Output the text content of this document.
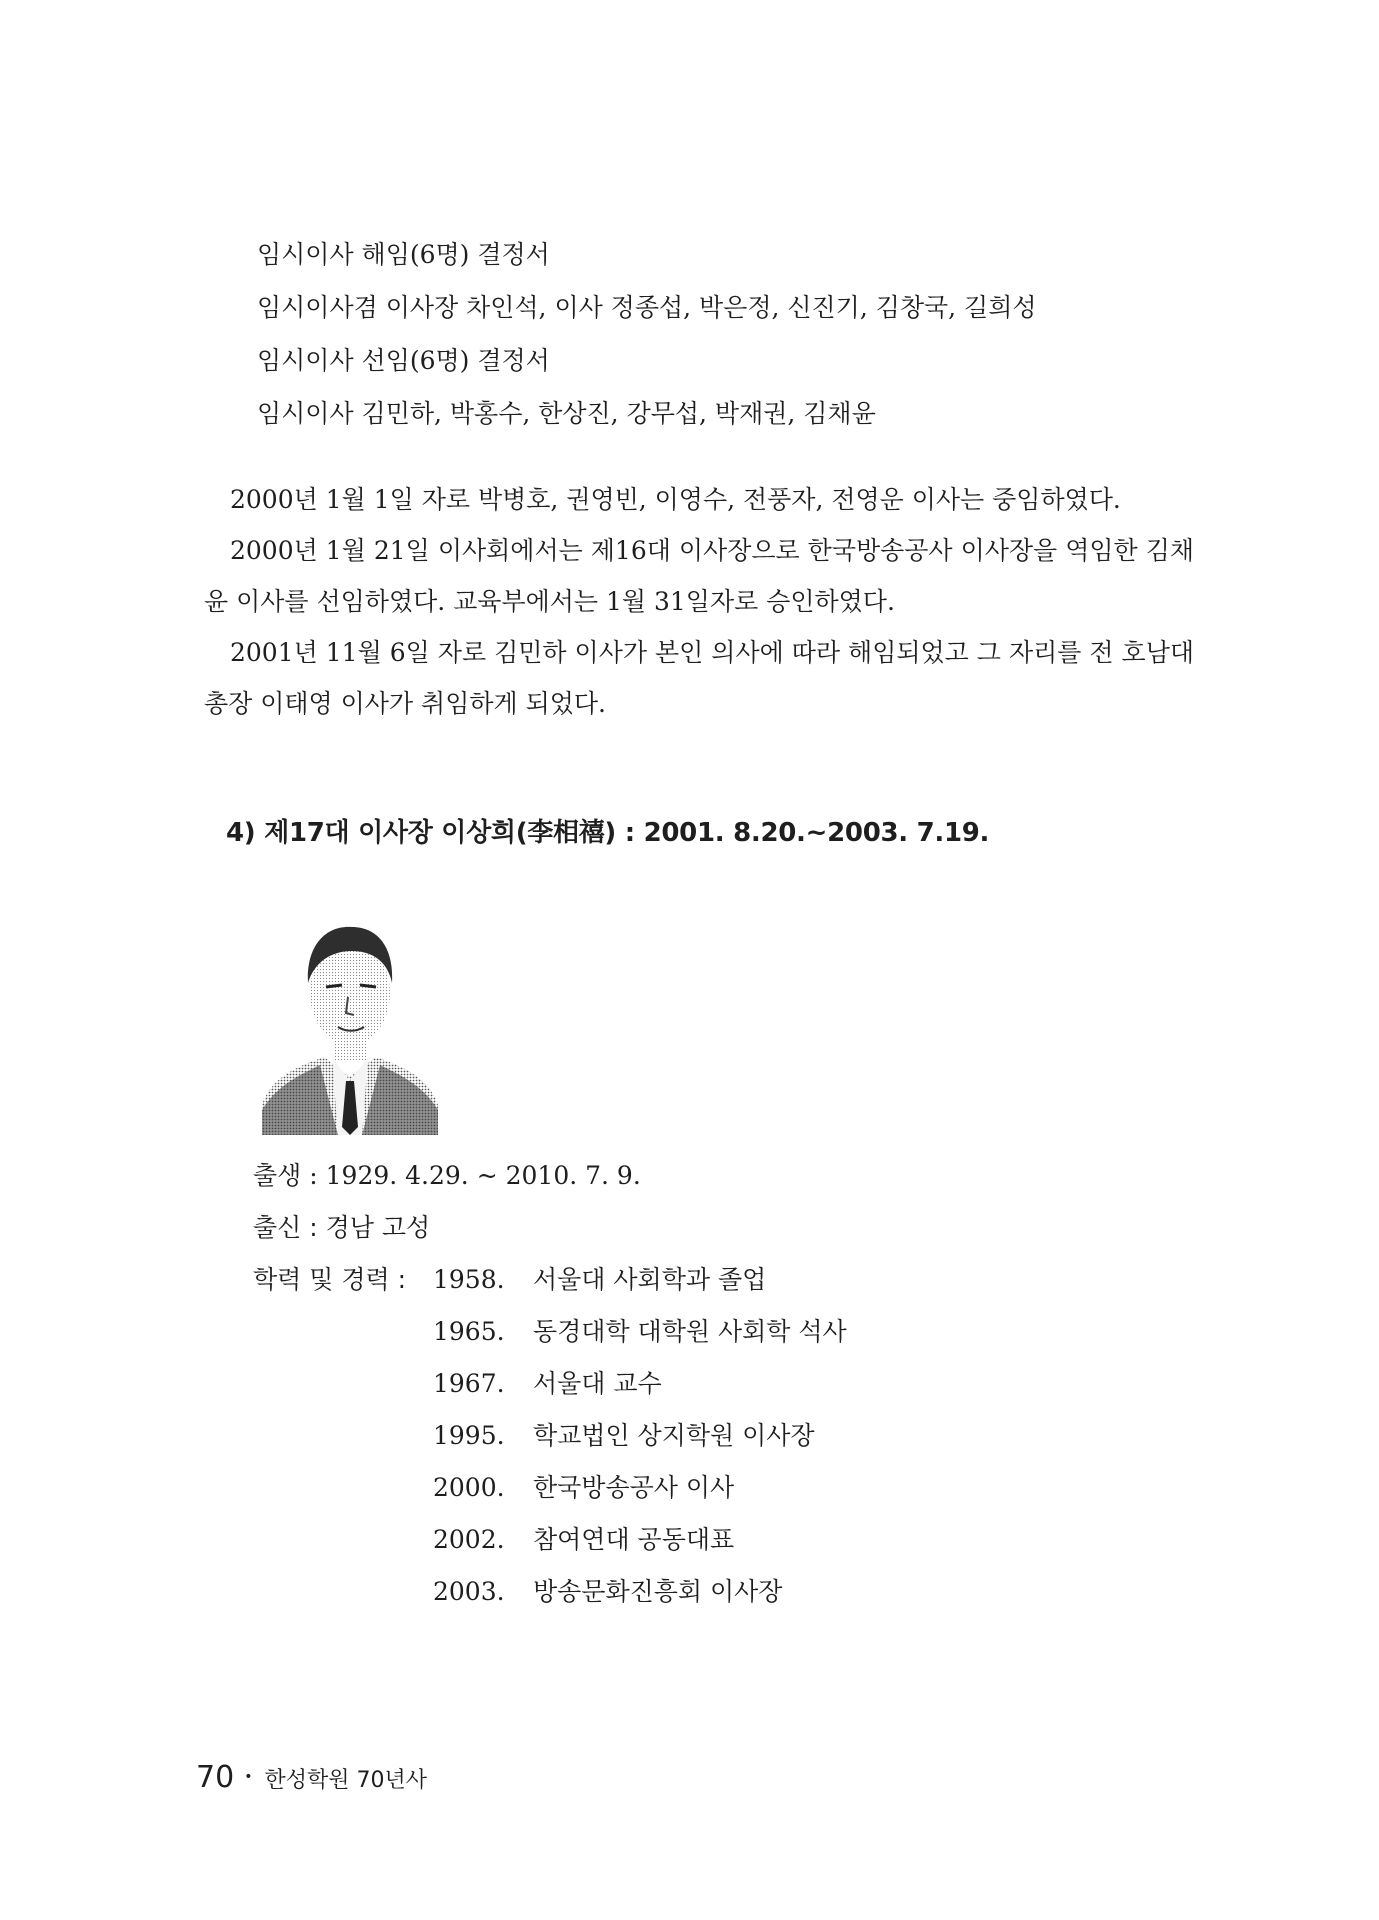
임시이사 해임(6명) 결정서
임시이사겸 이사장 차인석, 이사 정종섭, 박은정, 신진기, 김창국, 길희성
임시이사 선임(6명) 결정서
임시이사 김민하, 박홍수, 한상진, 강무섭, 박재권, 김채윤

2000년 1월 1일 자로 박병호, 권영빈, 이영수, 전풍자, 전영운 이사는 중임하였다.

2000년 1월 21일 이사회에서는 제16대 이사장으로 한국방송공사 이사장을 역임한 김채윤 이사를 선임하였다. 교육부에서는 1월 31일자로 승인하였다.

2001년 11월 6일 자로 김민하 이사가 본인 의사에 따라 해임되었고 그 자리를 전 호남대 총장 이태영 이사가 취임하게 되었다.

4) 제17대 이사장 이상희(李相禧) : 2001. 8.20.~2003. 7.19.
출생 : 1929. 4.29. ~ 2010. 7. 9.
출신 : 경남 고성
학력 및 경력 : 1958. 서울대 사회학과 졸업
1965. 동경대학 대학원 사회학 석사
1967. 서울대 교수
1995. 학교법인 상지학원 이사장
2000. 한국방송공사 이사
2002. 참여연대 공동대표
2003. 방송문화진흥회 이사장
70 • 한성학원 70년사
